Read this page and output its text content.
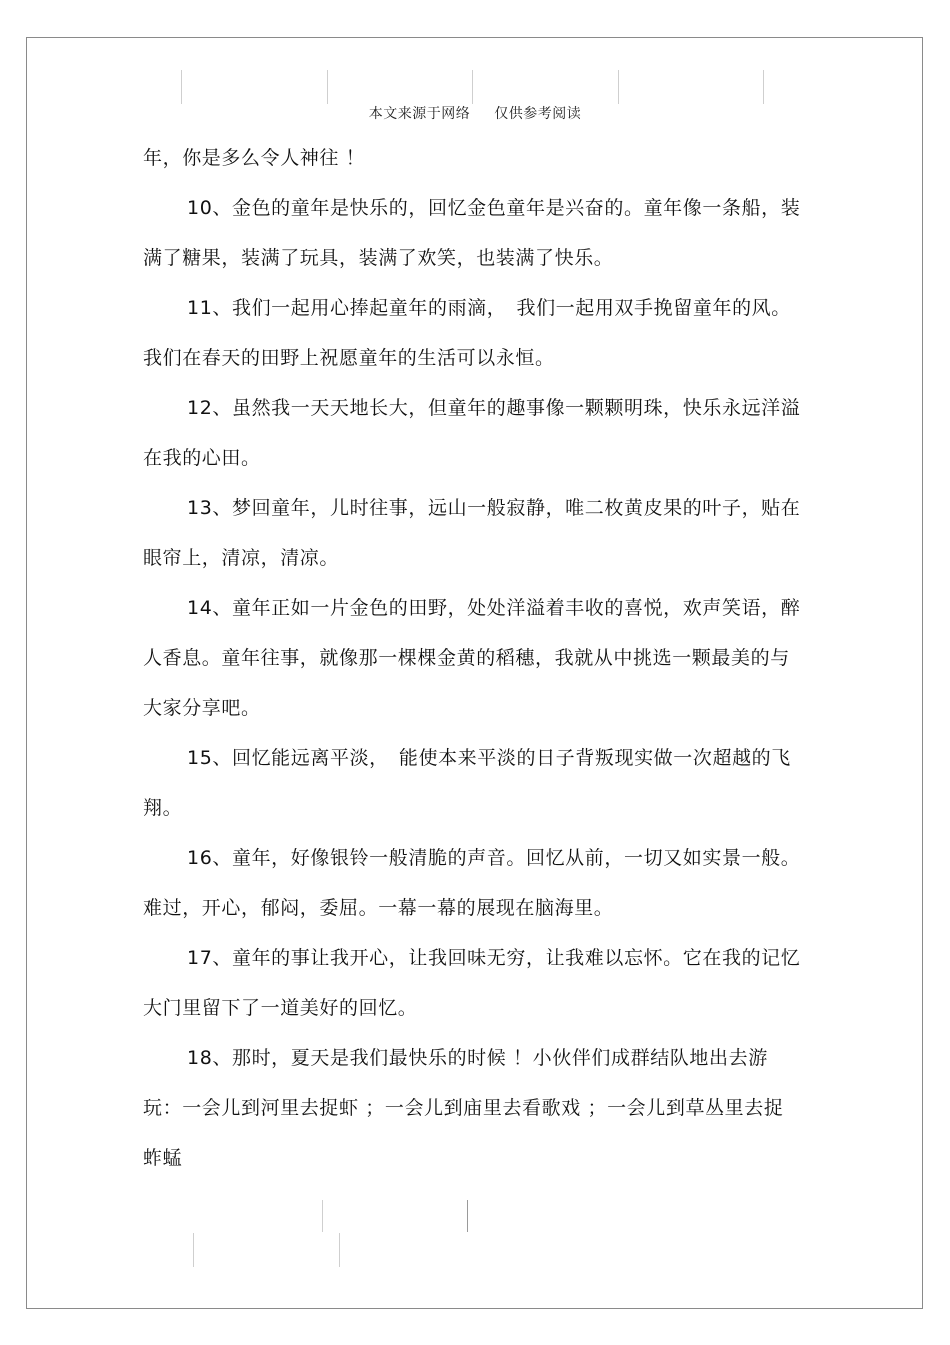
本文来源于网络 仅供参考阅读

年，你是多么令人神往 ！

10、金色的童年是快乐的，回忆金色童年是兴奋的。童年像一条船，装满了糖果，装满了玩具，装满了欢笑，也装满了快乐。

11、我们一起用心捧起童年的雨滴，　我们一起用双手挽留童年的风。我们在春天的田野上祝愿童年的生活可以永恒。

12、虽然我一天天地长大，但童年的趣事像一颗颗明珠，快乐永远洋溢在我的心田。

13、梦回童年，儿时往事，远山一般寂静，唯二枚黄皮果的叶子，贴在眼帘上，清凉，清凉。

14、童年正如一片金色的田野，处处洋溢着丰收的喜悦，欢声笑语，醉人香息。童年往事，就像那一棵棵金黄的稻穗，我就从中挑选一颗最美的与大家分享吧。

15、回忆能远离平淡，　能使本来平淡的日子背叛现实做一次超越的飞翔。

16、童年，好像银铃一般清脆的声音。回忆从前，一切又如实景一般。难过，开心，郁闷，委屈。一幕一幕的展现在脑海里。

17、童年的事让我开心，让我回味无穷，让我难以忘怀。它在我的记忆大门里留下了一道美好的回忆。

18、那时，夏天是我们最快乐的时候 ！小伙伴们成群结队地出去游玩：一会儿到河里去捉虾 ；一会儿到庙里去看歌戏 ；一会儿到草丛里去捉蚱蜢
